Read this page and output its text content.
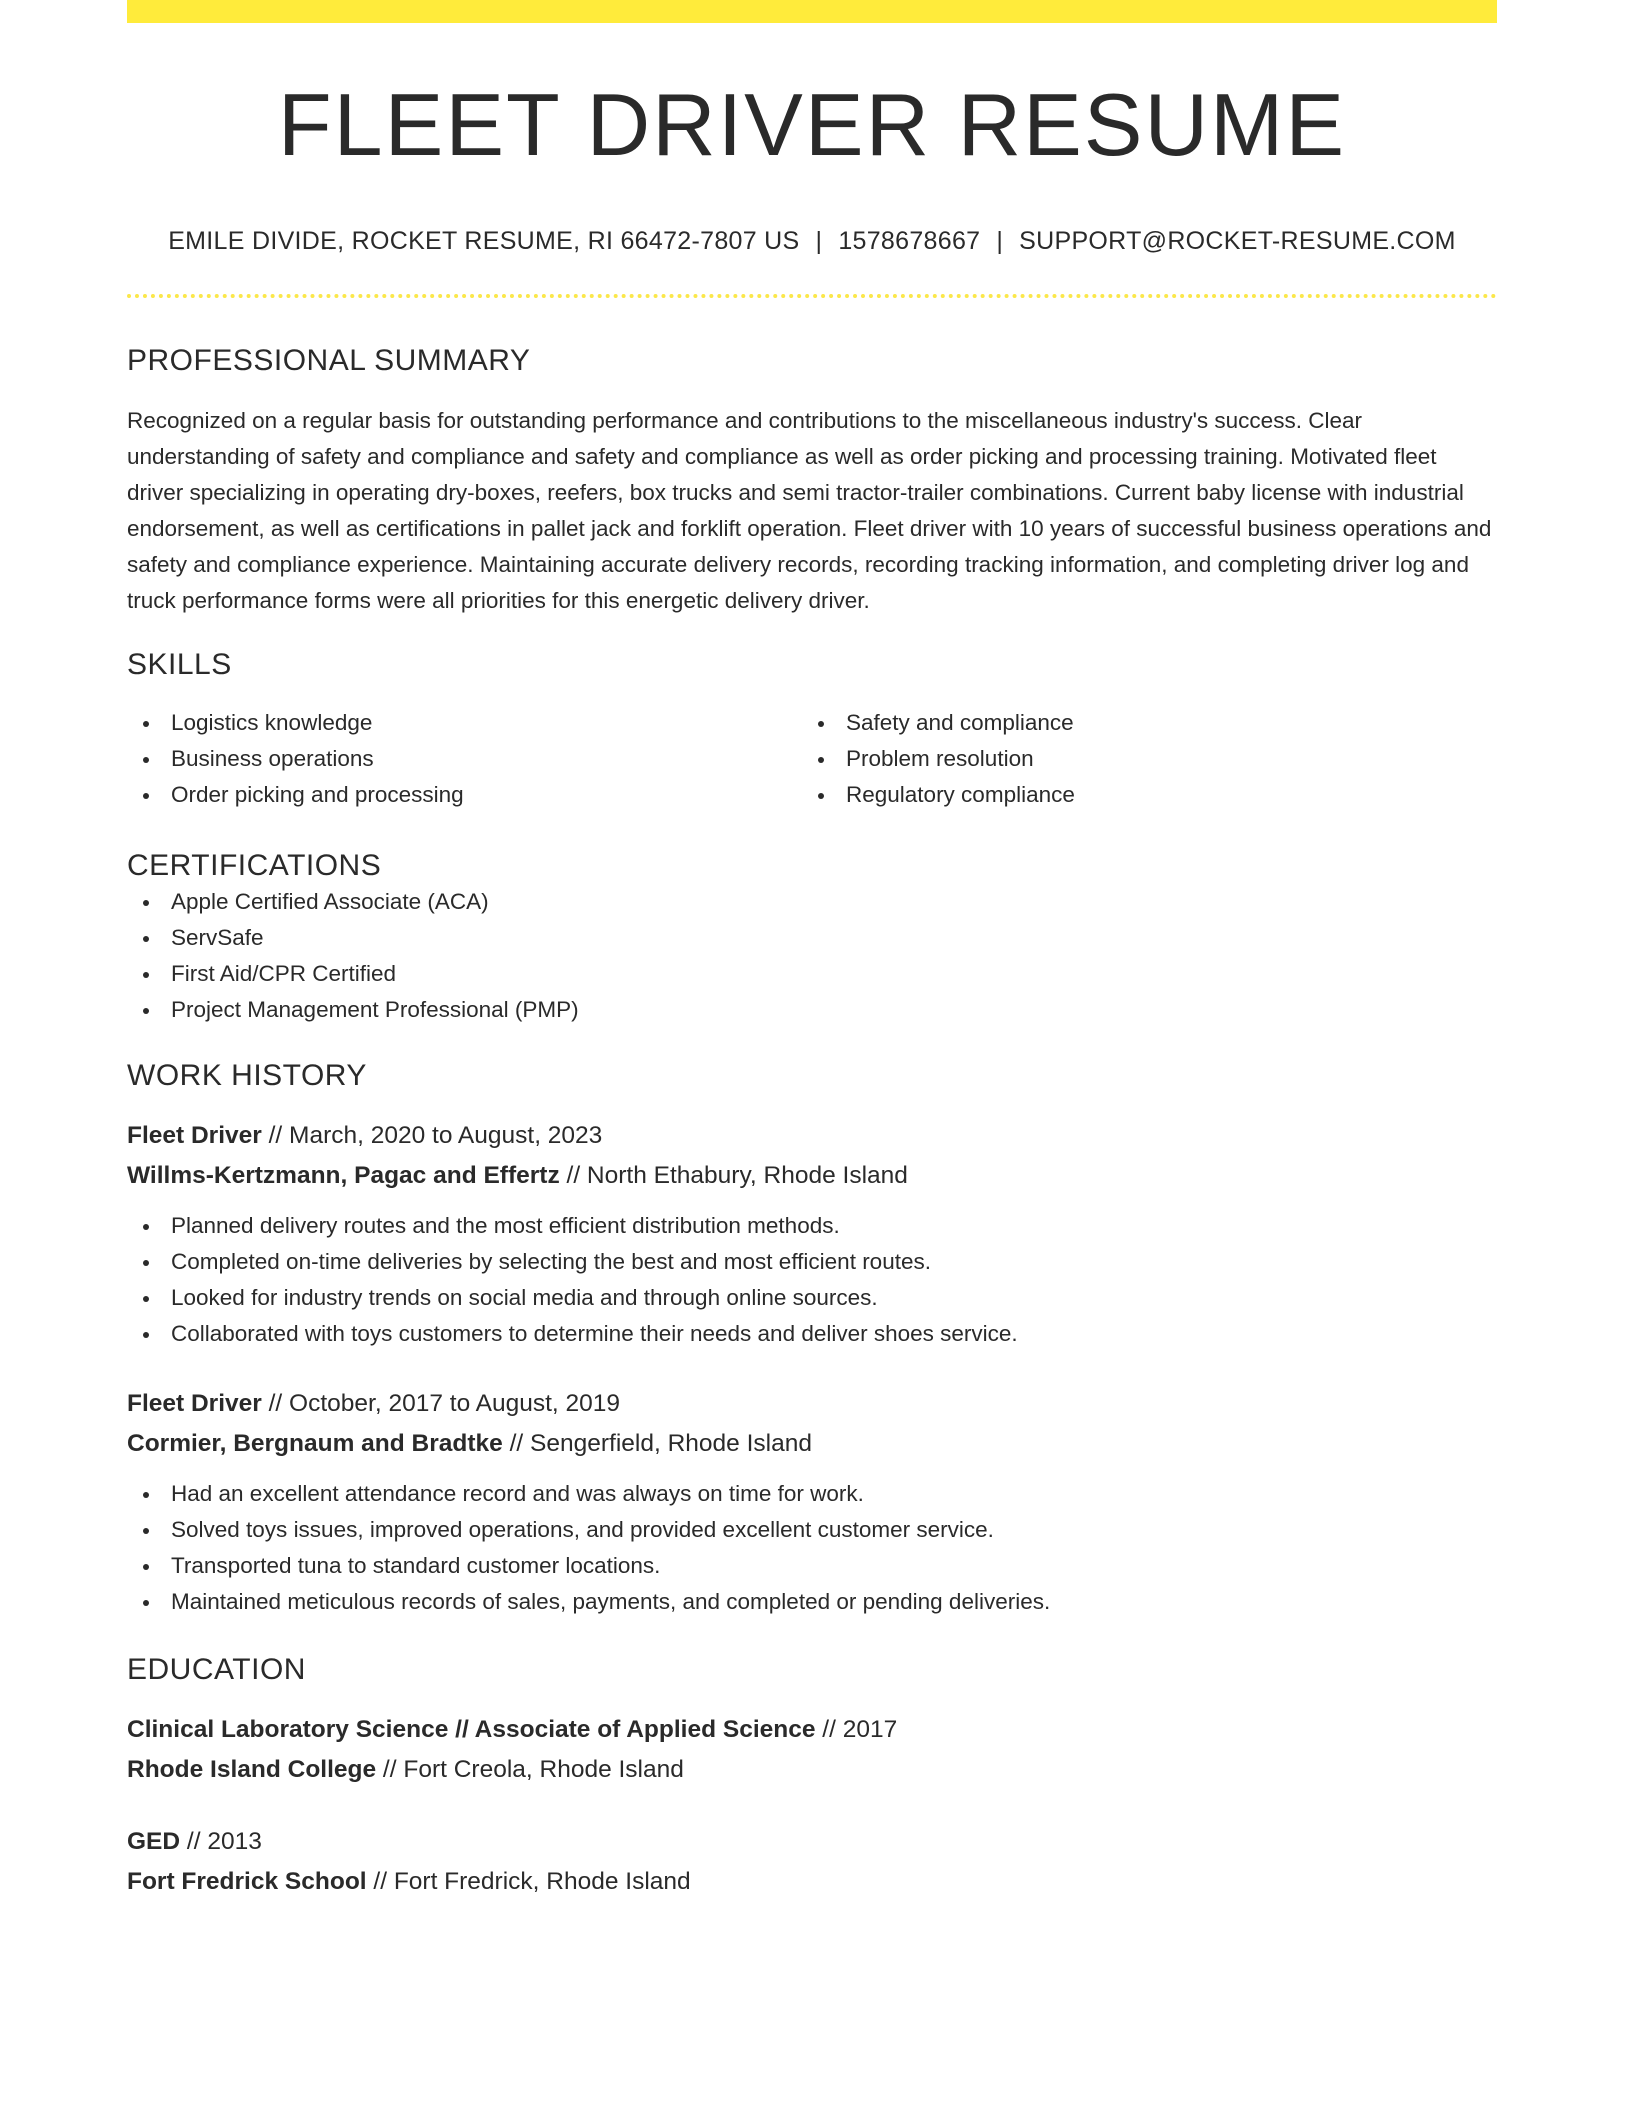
FLEET DRIVER RESUME
EMILE DIVIDE, ROCKET RESUME, RI 66472-7807 US | 1578678667 | SUPPORT@ROCKET-RESUME.COM
PROFESSIONAL SUMMARY

Recognized on a regular basis for outstanding performance and contributions to the miscellaneous industry's success. Clear understanding of safety and compliance and safety and compliance as well as order picking and processing training. Motivated fleet driver specializing in operating dry-boxes, reefers, box trucks and semi tractor-trailer combinations. Current baby license with industrial endorsement, as well as certifications in pallet jack and forklift operation. Fleet driver with 10 years of successful business operations and safety and compliance experience. Maintaining accurate delivery records, recording tracking information, and completing driver log and truck performance forms were all priorities for this energetic delivery driver.

SKILLS
Logistics knowledge
Business operations
Order picking and processing
Safety and compliance
Problem resolution
Regulatory compliance
CERTIFICATIONS
Apple Certified Associate (ACA)
ServSafe
First Aid/CPR Certified
Project Management Professional (PMP)
WORK HISTORY
Fleet Driver // March, 2020 to August, 2023
Willms-Kertzmann, Pagac and Effertz // North Ethabury, Rhode Island
Planned delivery routes and the most efficient distribution methods.
Completed on-time deliveries by selecting the best and most efficient routes.
Looked for industry trends on social media and through online sources.
Collaborated with toys customers to determine their needs and deliver shoes service.
Fleet Driver // October, 2017 to August, 2019
Cormier, Bergnaum and Bradtke // Sengerfield, Rhode Island
Had an excellent attendance record and was always on time for work.
Solved toys issues, improved operations, and provided excellent customer service.
Transported tuna to standard customer locations.
Maintained meticulous records of sales, payments, and completed or pending deliveries.
EDUCATION
Clinical Laboratory Science // Associate of Applied Science // 2017
Rhode Island College // Fort Creola, Rhode Island
GED // 2013
Fort Fredrick School // Fort Fredrick, Rhode Island
